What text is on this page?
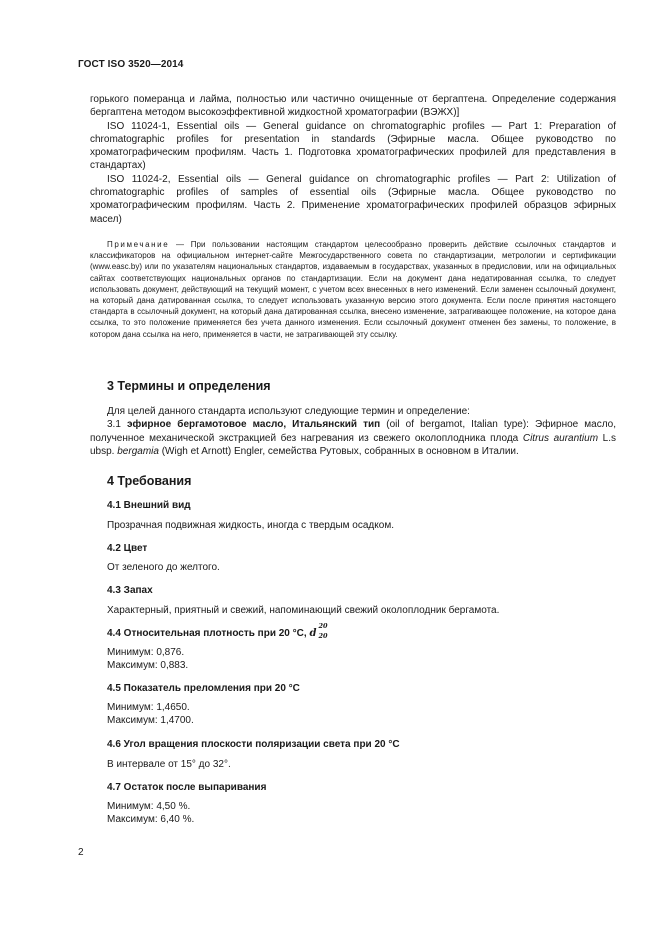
ГОСТ ISO 3520—2014

горького померанца и лайма, полностью или частично очищенные от бергаптена. Определение содержания бергаптена методом высокоэффективной жидкостной хроматографии (ВЭЖХ)]

ISO 11024-1, Essential oils — General guidance on chromatographic profiles — Part 1: Preparation of chromatographic profiles for presentation in standards (Эфирные масла. Общее руководство по хроматографическим профилям. Часть 1. Подготовка хроматографических профилей для представления в стандартах)

ISO 11024-2, Essential oils — General guidance on chromatographic profiles — Part 2: Utilization of chromatographic profiles of samples of essential oils (Эфирные масла. Общее руководство по хроматографическим профилям. Часть 2. Применение хроматографических профилей образцов эфирных масел)

Примечание — При пользовании настоящим стандартом целесообразно проверить действие ссылочных стандартов и классификаторов на официальном интернет-сайте Межгосударственного совета по стандартизации, метрологии и сертификации (www.easc.by) или по указателям национальных стандартов, издаваемым в государствах, указанных в предисловии, или на официальных сайтах соответствующих национальных органов по стандартизации. Если на документ дана недатированная ссылка, то следует использовать документ, действующий на текущий момент, с учетом всех внесенных в него изменений. Если заменен ссылочный документ, на который дана датированная ссылка, то следует использовать указанную версию этого документа. Если после принятия настоящего стандарта в ссылочный документ, на который дана датированная ссылка, внесено изменение, затрагивающее положение, на которое дана ссылка, то это положение применяется без учета данного изменения. Если ссылочный документ отменен без замены, то положение, в котором дана ссылка на него, применяется в части, не затрагивающей эту ссылку.

3 Термины и определения

Для целей данного стандарта используют следующие термин и определение:

3.1 эфирное бергамотовое масло, Итальянский тип (oil of bergamot, Italian type): Эфирное масло, полученное механической экстракцией без нагревания из свежего околоплодника плода Citrus aurantium L.s ubsp. bergamia (Wigh et Arnott) Engler, семейства Рутовых, собранных в основном в Италии.

4 Требования
4.1 Внешний вид
Прозрачная подвижная жидкость, иногда с твердым осадком.
4.2 Цвет
От зеленого до желтого.
4.3 Запах
Характерный, приятный и свежий, напоминающий свежий околоплодник бергамота.
4.4 Относительная плотность при 20 °С, d
20
20
Минимум: 0,876.
Максимум: 0,883.
4.5 Показатель преломления при 20 °С
Минимум: 1,4650.
Максимум: 1,4700.
4.6 Угол вращения плоскости поляризации света при 20 °С
В интервале от 15° до 32°.
4.7 Остаток после выпаривания
Минимум: 4,50 %.
Максимум: 6,40 %.
2
